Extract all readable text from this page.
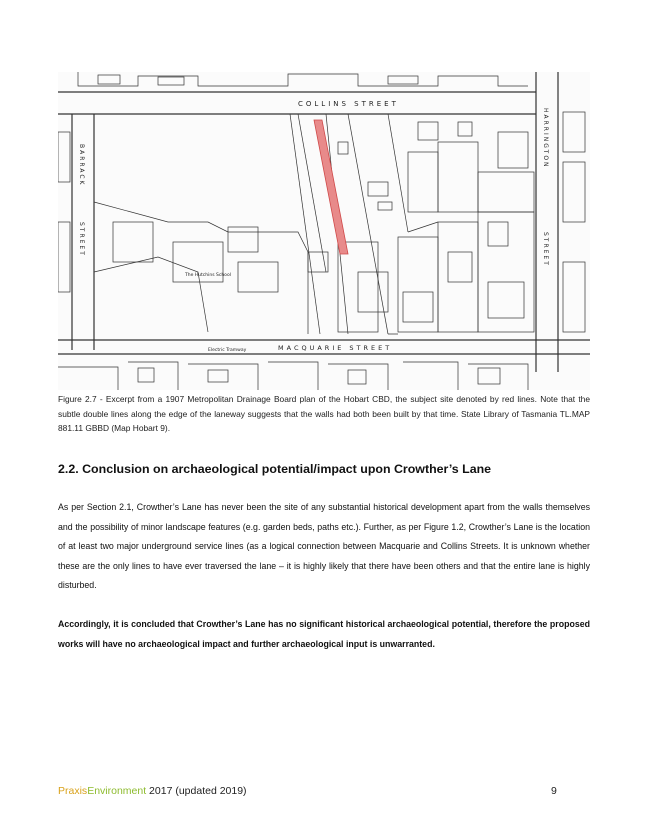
COLLINS STREET
MACQUARIE STREET
Electric Tramway
BARRACK
STREET
HARRINGTON
STREET
The Hutchins School
Figure 2.7 - Excerpt from a 1907 Metropolitan Drainage Board plan of the Hobart CBD, the subject site denoted by red lines. Note that the subtle double lines along the edge of the laneway suggests that the walls had both been built by that time. State Library of Tasmania TL.MAP 881.11 GBBD (Map Hobart 9).
2.2. Conclusion on archaeological potential/impact upon Crowther’s Lane

As per Section 2.1, Crowther’s Lane has never been the site of any substantial historical development apart from the walls themselves and the possibility of minor landscape features (e.g. garden beds, paths etc.). Further, as per Figure 1.2, Crowther’s Lane is the location of at least two major underground service lines (as a logical connection between Macquarie and Collins Streets. It is unknown whether these are the only lines to have ever traversed the lane – it is highly likely that there have been others and that the entire lane is highly disturbed.

Accordingly, it is concluded that Crowther’s Lane has no significant historical archaeological potential, therefore the proposed works will have no archaeological impact and further archaeological input is unwarranted.

PraxisEnvironment 2017 (updated 2019)	9
